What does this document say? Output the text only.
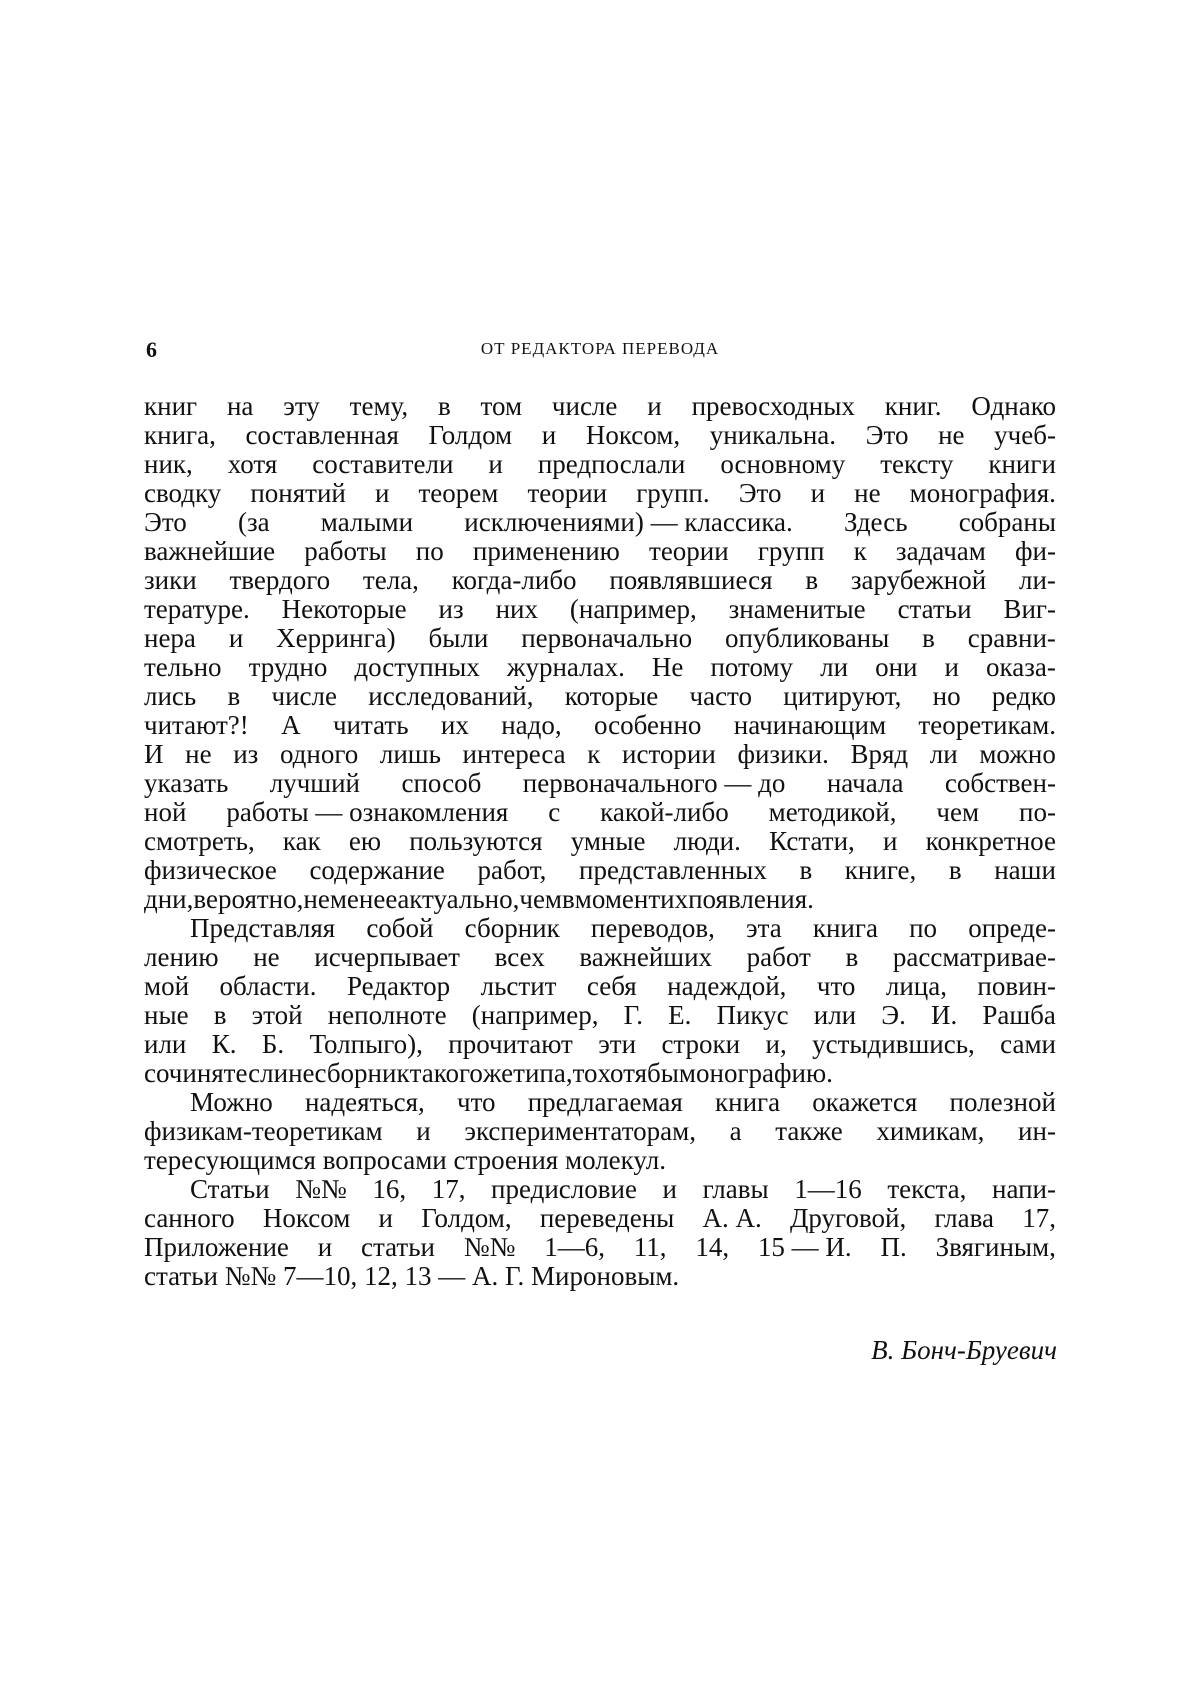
6	ОТ РЕДАКТОРА ПЕРЕВОДА
книг на эту тему, в том числе и превосходных книг. Однако
книга, составленная Голдом и Ноксом, уникальна. Это не учеб-
ник, хотя составители и предпослали основному тексту книги
сводку понятий и теорем теории групп. Это и не монография.
Это (за малыми исключениями) — классика. Здесь собраны
важнейшие работы по применению теории групп к задачам фи-
зики твердого тела, когда-либо появлявшиеся в зарубежной ли-
тературе. Некоторые из них (например, знаменитые статьи Виг-
нера и Херринга) были первоначально опубликованы в сравни-
тельно трудно доступных журналах. Не потому ли они и оказа-
лись в числе исследований, которые часто цитируют, но редко
читают?! А читать их надо, особенно начинающим теоретикам.
И не из одного лишь интереса к истории физики. Вряд ли можно
указать лучший способ первоначального — до начала собствен-
ной работы — ознакомления с какой-либо методикой, чем по-
смотреть, как ею пользуются умные люди. Кстати, и конкретное
физическое содержание работ, представленных в книге, в наши
дни, вероятно, не менее актуально, чем в момент их появления.
Представляя собой сборник переводов, эта книга по опреде-
лению не исчерпывает всех важнейших работ в рассматривае-
мой области. Редактор льстит себя надеждой, что лица, повин-
ные в этой неполноте (например, Г. Е. Пикус или Э. И. Рашба
или К. Б. Толпыго), прочитают эти строки и, устыдившись, сами
сочинят если не сборник такого же типа, то хотя бы монографию.
Можно надеяться, что предлагаемая книга окажется полезной
физикам-теоретикам и экспериментаторам, а также химикам, ин-
тересующимся вопросами строения молекул.
Статьи №№ 16, 17, предисловие и главы 1—16 текста, напи-
санного Ноксом и Голдом, переведены А. А. Друговой, глава 17,
Приложение и статьи №№ 1—6, 11, 14, 15 — И. П. Звягиным,
статьи №№ 7—10, 12, 13 — А. Г. Мироновым.
В. Бонч-Бруевич
